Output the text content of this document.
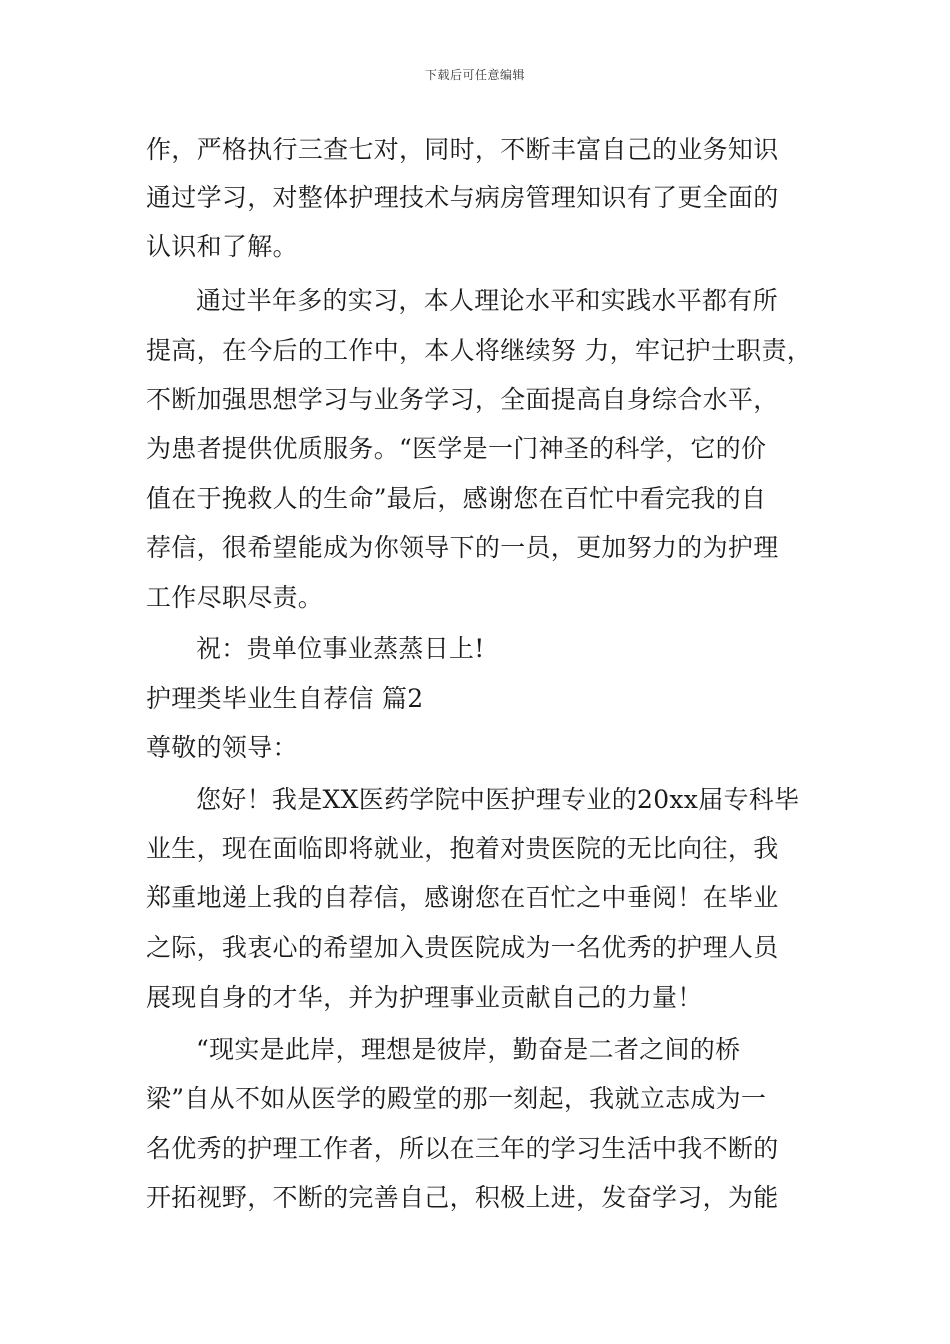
下载后可任意编辑
作，严格执行三查七对，同时，不断丰富自己的业务知识
通过学习，对整体护理技术与病房管理知识有了更全面的
认识和了解。
通过半年多的实习，本人理论水平和实践水平都有所
提高，在今后的工作中，本人将继续努 力，牢记护士职责，
不断加强思想学习与业务学习，全面提高自身综合水平，
为患者提供优质服务。“医学是一门神圣的科学，它的价
值在于挽救人的生命”最后，感谢您在百忙中看完我的自
荐信，很希望能成为你领导下的一员，更加努力的为护理
工作尽职尽责。
祝：贵单位事业蒸蒸日上!
护理类毕业生自荐信 篇2
尊敬的领导：
您好！我是XX医药学院中医护理专业的20xx届专科毕
业生，现在面临即将就业，抱着对贵医院的无比向往，我
郑重地递上我的自荐信，感谢您在百忙之中垂阅！在毕业
之际，我衷心的希望加入贵医院成为一名优秀的护理人员
展现自身的才华，并为护理事业贡献自己的力量！
“现实是此岸，理想是彼岸，勤奋是二者之间的桥
梁”自从不如从医学的殿堂的那一刻起，我就立志成为一
名优秀的护理工作者，所以在三年的学习生活中我不断的
开拓视野，不断的完善自己，积极上进，发奋学习，为能
